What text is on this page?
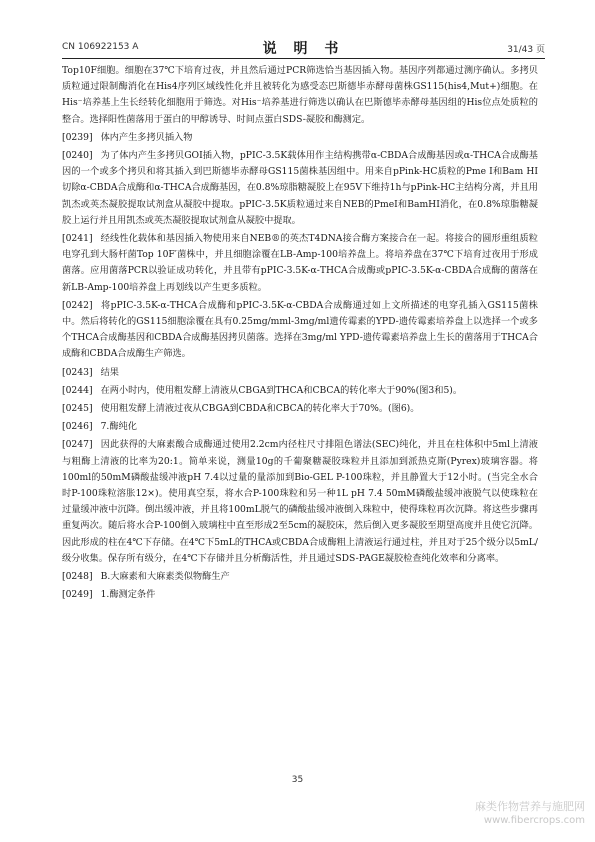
CN 106922153 A	说 明 书	31/43 页

Top10F细胞。细胞在37℃下培育过夜，并且然后通过PCR筛选恰当基因插入物。基因序列都通过测序确认。多拷贝质粒通过限制酶消化在His4序列区域线性化并且被转化为感受态巴斯德毕赤酵母菌株GS115(his4,Mut+)细胞。在His⁻培养基上生长经转化细胞用于筛选。对His⁻培养基进行筛选以确认在巴斯德毕赤酵母基因组的His位点处质粒的整合。选择阳性菌落用于蛋白的甲醇诱导、时间点蛋白SDS-凝胶和酶测定。

[0239] 体内产生多拷贝插入物

[0240] 为了体内产生多拷贝GOI插入物，pPIC-3.5K载体用作主结构携带α-CBDA合成酶基因或α-THCA合成酶基因的一个或多个拷贝和将其插入到巴斯德毕赤酵母GS115菌株基因组中。用来自pPink-HC质粒的Pme I和Bam HI切除α-CBDA合成酶和α-THCA合成酶基因，在0.8%琼脂糖凝胶上在95V下维持1h与pPink-HC主结构分离，并且用凯杰或英杰凝胶提取试剂盒从凝胶中提取。pPIC-3.5K质粒通过来自NEB的PmeI和BamHI消化，在0.8%琼脂糖凝胶上运行并且用凯杰或英杰凝胶提取试剂盒从凝胶中提取。

[0241] 经线性化载体和基因插入物使用来自NEB®的英杰T4DNA接合酶方案接合在一起。将接合的圆形重组质粒电穿孔到大肠杆菌Top 10F′菌株中，并且细胞涂覆在LB-Amp-100培养盘上。将培养盘在37℃下培育过夜用于形成菌落。应用菌落PCR以验证成功转化，并且带有pPIC-3.5K-α-THCA合成酶或pPIC-3.5K-α-CBDA合成酶的菌落在新LB-Amp-100培养盘上再划线以产生更多质粒。

[0242] 将pPIC-3.5K-α-THCA合成酶和pPIC-3.5K-α-CBDA合成酶通过如上文所描述的电穿孔插入GS115菌株中。然后将转化的GS115细胞涂覆在具有0.25mg/mml-3mg/ml遗传霉素的YPD-遗传霉素培养盘上以选择一个或多个THCA合成酶基因和CBDA合成酶基因拷贝菌落。选择在3mg/ml YPD-遗传霉素培养盘上生长的菌落用于THCA合成酶和CBDA合成酶生产筛选。

[0243] 结果

[0244] 在两小时内，使用粗发酵上清液从CBGA到THCA和CBCA的转化率大于90%(图3和5)。

[0245] 使用粗发酵上清液过夜从CBGA到CBDA和CBCA的转化率大于70%。(图6)。

[0246] 7.酶纯化

[0247] 因此获得的大麻素酸合成酶通过使用2.2cm内径柱尺寸排阻色谱法(SEC)纯化，并且在柱体积中5ml上清液与粗酶上清液的比率为20:1。简单来说，测量10g的千葡聚糖凝胶珠粒并且添加到派热克斯(Pyrex)玻璃容器。将100ml的50mM磷酸盐缓冲液pH 7.4以过量的量添加到Bio-GEL P-100珠粒，并且静置大于12小时。(当完全水合时P-100珠粒溶胀12×)。使用真空泵，将水合P-100珠粒和另一种1L pH 7.4 50mM磷酸盐缓冲液脱气以使珠粒在过量缓冲液中沉降。倒出缓冲液，并且将100mL脱气的磷酸盐缓冲液倒入珠粒中，使得珠粒再次沉降。将这些步骤再重复两次。随后将水合P-100倒入玻璃柱中直至形成2至5cm的凝胶床，然后倒入更多凝胶至期望高度并且使它沉降。因此形成的柱在4℃下存储。在4℃下5mL的THCA或CBDA合成酶粗上清液运行通过柱，并且对于25个级分以5mL/级分收集。保存所有级分，在4℃下存储并且分析酶活性，并且通过SDS-PAGE凝胶检查纯化效率和分离率。

[0248] B.大麻素和大麻素类似物酶生产

[0249] 1.酶测定条件

35
麻类作物营养与施肥网
www.fibercrops.com
